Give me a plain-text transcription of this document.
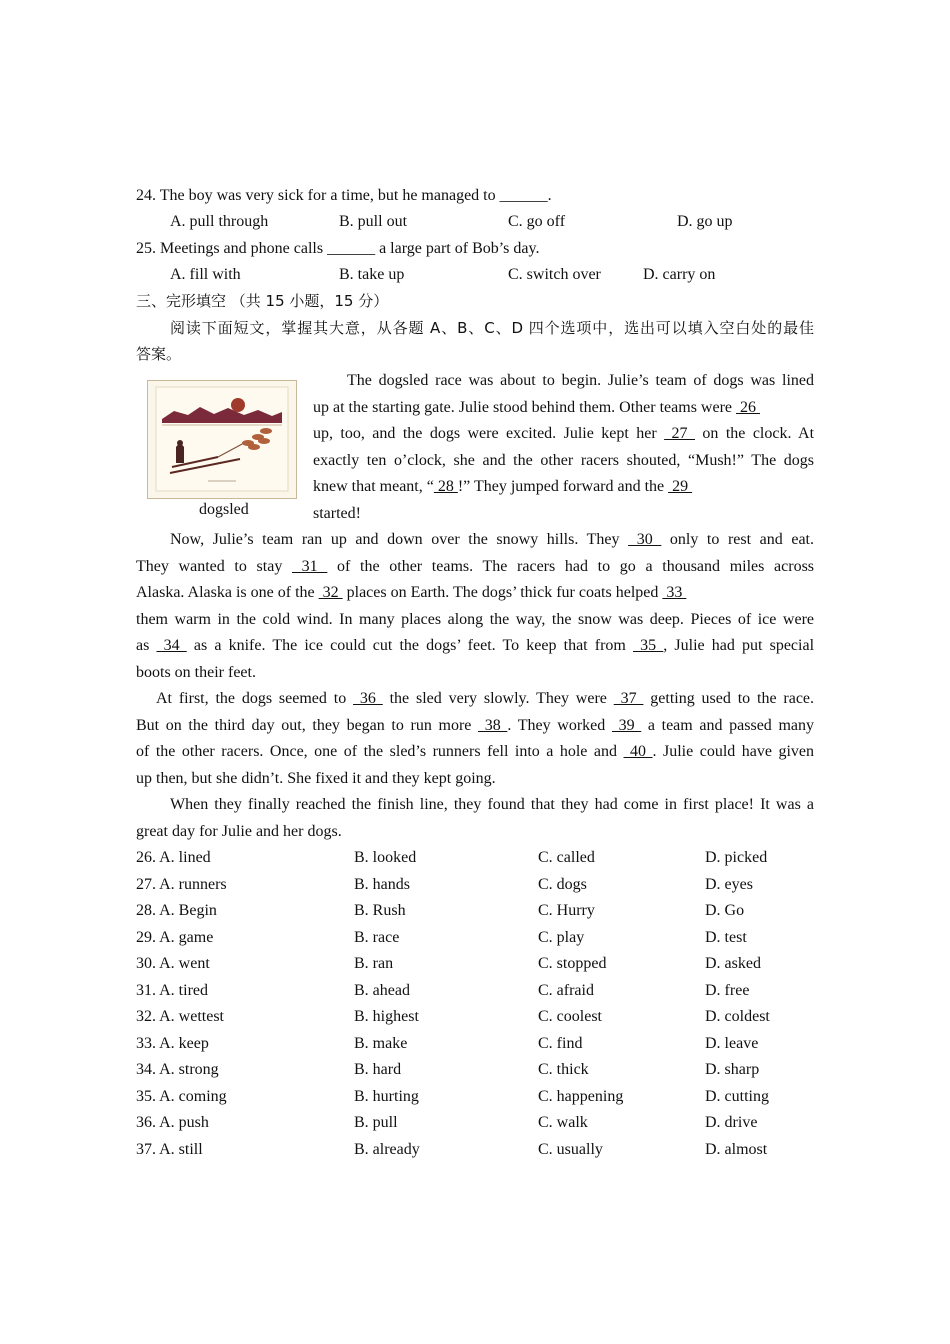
24. The boy was very sick for a time, but he managed to ______.
A. pull through	B. pull out	C. go off	D. go up
25. Meetings and phone calls ______ a large part of Bob’s day.
A. fill with	B. take up	C. switch over	D. carry on
三、完形填空 （共 15 小题，15 分）
阅读下面短文，掌握其大意，从各题 A、B、C、D 四个选项中，选出可以填入空白处的最佳
答案。
dogsled
The dogsled race was about to begin. Julie’s team of dogs was lined
up at the starting gate. Julie stood behind them. Other teams were  26
up, too, and the dogs were excited. Julie kept her  27  on the clock. At
exactly ten o’clock, she and the other racers shouted, “Mush!” The dogs
knew that meant, “ 28 !” They jumped forward and the  29
started!
Now, Julie’s team ran up and down over the snowy hills. They  30  only to rest and eat.
They wanted to stay  31  of the other teams. The racers had to go a thousand miles across
Alaska. Alaska is one of the  32  places on Earth. The dogs’ thick fur coats helped  33
them warm in the cold wind. In many places along the way, the snow was deep. Pieces of ice were
as  34  as a knife. The ice could cut the dogs’ feet. To keep that from  35 , Julie had put special
boots on their feet.
At first, the dogs seemed to  36  the sled very slowly. They were  37  getting used to the race.
But on the third day out, they began to run more  38 . They worked  39  a team and passed many
of the other racers. Once, one of the sled’s runners fell into a hole and  40 . Julie could have given
up then, but she didn’t. She fixed it and they kept going.
When they finally reached the finish line, they found that they had come in first place! It was a
great day for Julie and her dogs.
26. A. lined	B. looked	C. called	D. picked
27. A. runners	B. hands	C. dogs	D. eyes
28. A. Begin	B. Rush	C. Hurry	D. Go
29. A. game	B. race	C. play	D. test
30. A. went	B. ran	C. stopped	D. asked
31. A. tired	B. ahead	C. afraid	D. free
32. A. wettest	B. highest	C. coolest	D. coldest
33. A. keep	B. make	C. find	D. leave
34. A. strong	B. hard	C. thick	D. sharp
35. A. coming	B. hurting	C. happening	D. cutting
36. A. push	B. pull	C. walk	D. drive
37. A. still	B. already	C. usually	D. almost
